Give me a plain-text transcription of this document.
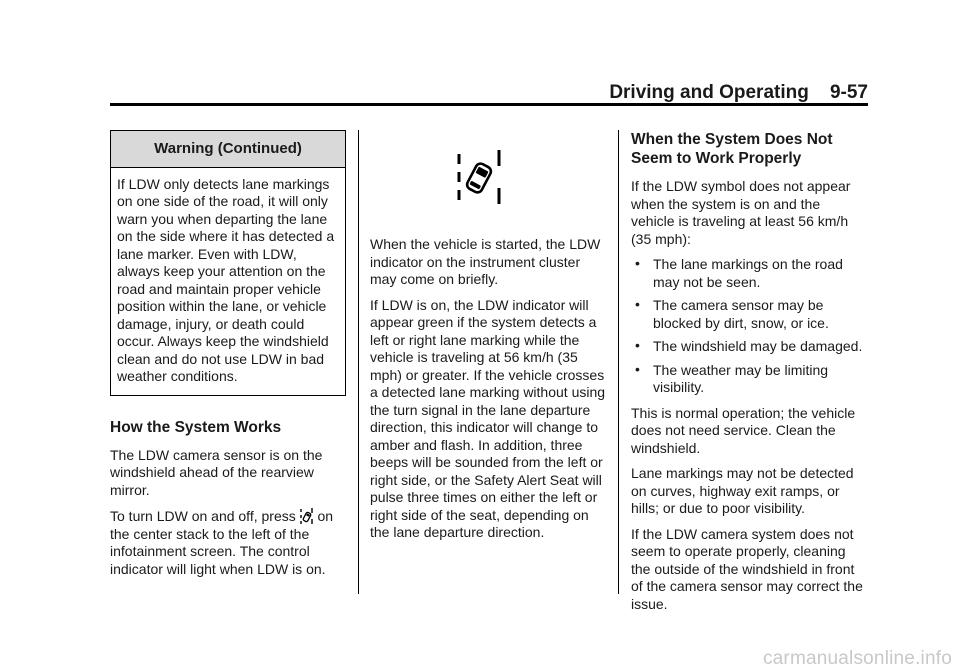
Driving and Operating 9-57
Warning (Continued)
If LDW only detects lane markings on one side of the road, it will only warn you when departing the lane on the side where it has detected a lane marker. Even with LDW, always keep your attention on the road and maintain proper vehicle position within the lane, or vehicle damage, injury, or death could occur. Always keep the windshield clean and do not use LDW in bad weather conditions.
How the System Works

The LDW camera sensor is on the windshield ahead of the rearview mirror.

To turn LDW on and off, press  on the center stack to the left of the infotainment screen. The control indicator will light when LDW is on.

When the vehicle is started, the LDW indicator on the instrument cluster may come on briefly.

If LDW is on, the LDW indicator will appear green if the system detects a left or right lane marking while the vehicle is traveling at 56 km/h (35 mph) or greater. If the vehicle crosses a detected lane marking without using the turn signal in the lane departure direction, this indicator will change to amber and flash. In addition, three beeps will be sounded from the left or right side, or the Safety Alert Seat will pulse three times on either the left or right side of the seat, depending on the lane departure direction.

When the System Does Not Seem to Work Properly

If the LDW symbol does not appear when the system is on and the vehicle is traveling at least 56 km/h (35 mph):

• The lane markings on the road may not be seen.
• The camera sensor may be blocked by dirt, snow, or ice.
• The windshield may be damaged.
• The weather may be limiting visibility.

This is normal operation; the vehicle does not need service. Clean the windshield.

Lane markings may not be detected on curves, highway exit ramps, or hills; or due to poor visibility.

If the LDW camera system does not seem to operate properly, cleaning the outside of the windshield in front of the camera sensor may correct the issue.

carmanualsonline.info
